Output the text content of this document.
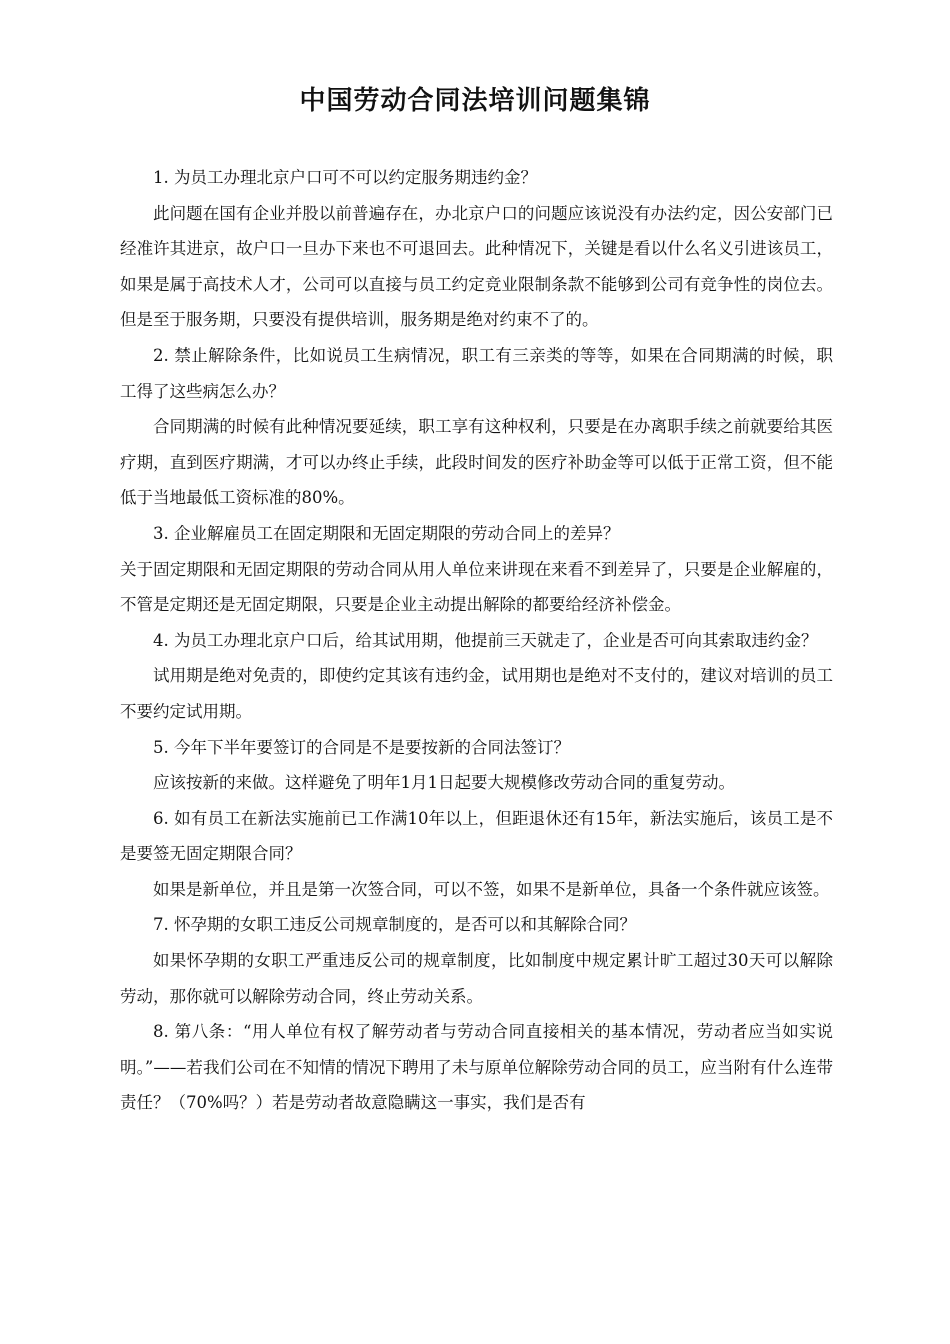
中国劳动合同法培训问题集锦

1. 为员工办理北京户口可不可以约定服务期违约金？

此问题在国有企业并股以前普遍存在，办北京户口的问题应该说没有办法约定，因公安部门已经准许其进京，故户口一旦办下来也不可退回去。此种情况下，关键是看以什么名义引进该员工，如果是属于高技术人才，公司可以直接与员工约定竞业限制条款不能够到公司有竞争性的岗位去。但是至于服务期，只要没有提供培训，服务期是绝对约束不了的。

2. 禁止解除条件，比如说员工生病情况，职工有三亲类的等等，如果在合同期满的时候，职工得了这些病怎么办？

合同期满的时候有此种情况要延续，职工享有这种权利，只要是在办离职手续之前就要给其医疗期，直到医疗期满，才可以办终止手续，此段时间发的医疗补助金等可以低于正常工资，但不能低于当地最低工资标准的80%。

3. 企业解雇员工在固定期限和无固定期限的劳动合同上的差异？

关于固定期限和无固定期限的劳动合同从用人单位来讲现在来看不到差异了，只要是企业解雇的，不管是定期还是无固定期限，只要是企业主动提出解除的都要给经济补偿金。

4. 为员工办理北京户口后，给其试用期，他提前三天就走了，企业是否可向其索取违约金？

试用期是绝对免责的，即使约定其该有违约金，试用期也是绝对不支付的，建议对培训的员工不要约定试用期。

5. 今年下半年要签订的合同是不是要按新的合同法签订？

应该按新的来做。这样避免了明年1月1日起要大规模修改劳动合同的重复劳动。

6. 如有员工在新法实施前已工作满10年以上，但距退休还有15年，新法实施后，该员工是不是要签无固定期限合同？

如果是新单位，并且是第一次签合同，可以不签，如果不是新单位，具备一个条件就应该签。

7. 怀孕期的女职工违反公司规章制度的，是否可以和其解除合同？

如果怀孕期的女职工严重违反公司的规章制度，比如制度中规定累计旷工超过30天可以解除劳动，那你就可以解除劳动合同，终止劳动关系。

8. 第八条：“用人单位有权了解劳动者与劳动合同直接相关的基本情况，劳动者应当如实说明。”——若我们公司在不知情的情况下聘用了未与原单位解除劳动合同的员工，应当附有什么连带责任？（70%吗？）若是劳动者故意隐瞒这一事实，我们是否有
